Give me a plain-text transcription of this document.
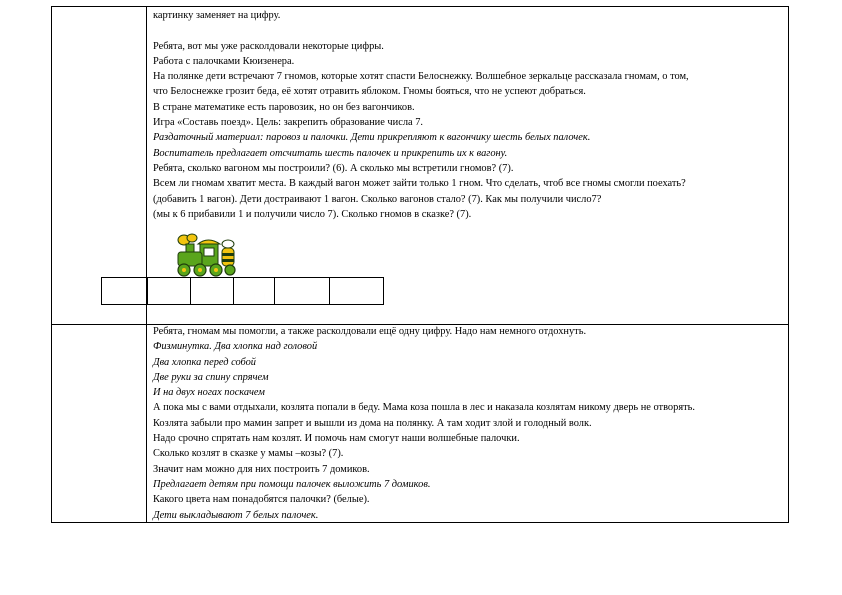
картинку заменяет на цифру.

Ребята, вот мы уже расколдовали некоторые цифры.

Работа с палочками Кюизенера.

На полянке дети встречают 7 гномов, которые хотят спасти Белоснежку. Волшебное зеркальце рассказала гномам, о том,

что Белоснежке грозит беда, её хотят отравить яблоком. Гномы бояться, что не успеют добраться.

В стране математике есть паровозик, но он без вагончиков.

Игра «Составь поезд». Цель: закрепить образование числа 7.

Раздаточный материал: паровоз и палочки. Дети прикрепляют к вагончику шесть белых палочек.

Воспитатель предлагает отсчитать шесть палочек и прикрепить их к вагону.

Ребята, сколько вагоном мы построили? (6). А сколько мы встретили гномов? (7).

Всем ли гномам хватит места. В каждый вагон может зайти только 1 гном. Что сделать, чтоб все гномы смогли поехать?

(добавить 1 вагон). Дети достраивают 1 вагон. Сколько вагонов стало? (7). Как мы получили число7?

(мы к 6 прибавили 1 и получили число 7). Сколько гномов в сказке? (7).

Ребята, гномам мы помогли, а также расколдовали ещё одну цифру. Надо нам немного отдохнуть.

Физминутка. Два хлопка над головой

Два хлопка перед собой

Две руки за спину спрячем

И на двух ногах поскачем

А пока мы с вами отдыхали, козлята попали в беду. Мама коза пошла в лес и наказала козлятам никому дверь не отворять.

Козлята забыли про мамин запрет и вышли из дома на полянку. А там ходит злой и голодный волк.

Надо срочно спрятать нам козлят. И помочь нам смогут наши волшебные палочки.

Сколько козлят в сказке у мамы –козы? (7).

Значит нам можно для них построить 7 домиков.

Предлагает детям при помощи палочек выложить 7 домиков.

Какого цвета нам понадобятся палочки? (белые).

Дети выкладывают 7 белых палочек.
